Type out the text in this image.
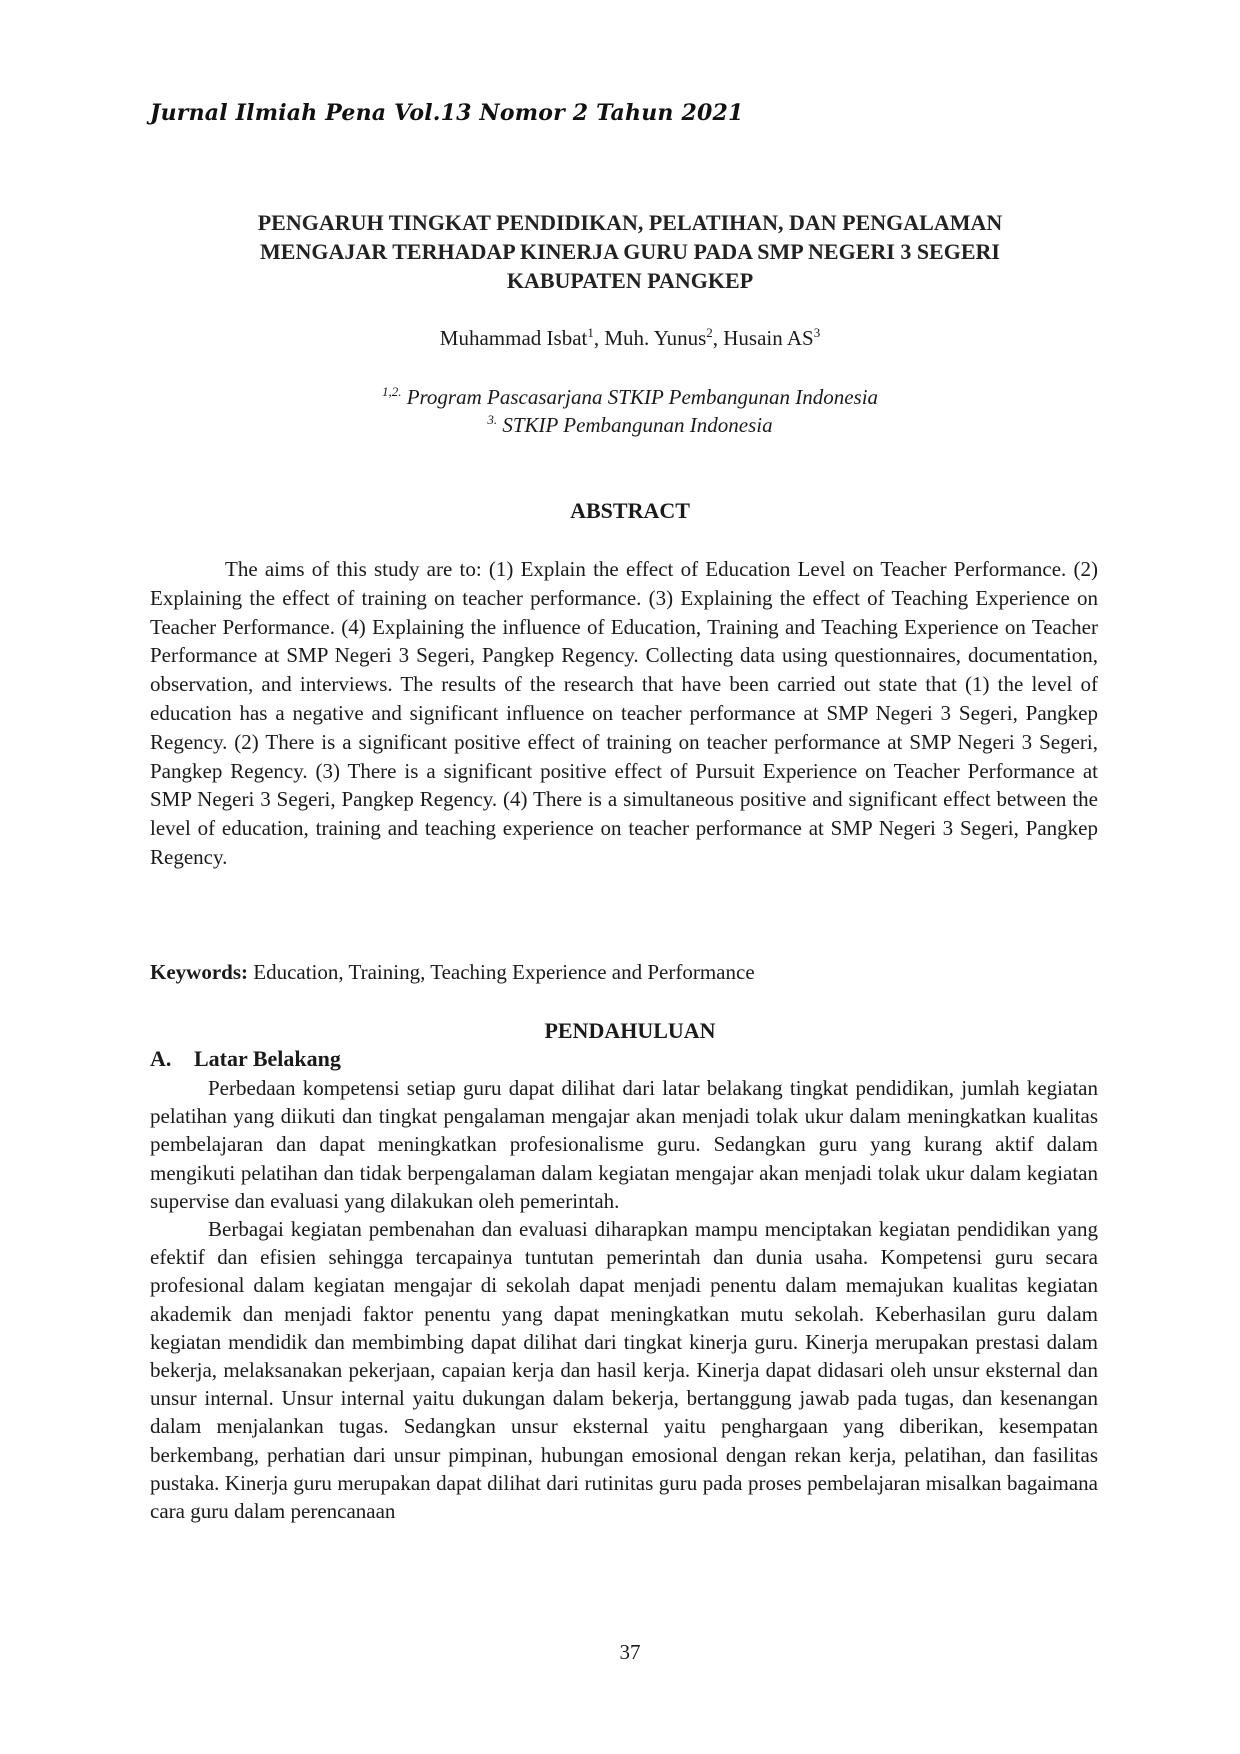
Jurnal Ilmiah Pena Vol.13 Nomor 2 Tahun 2021
PENGARUH TINGKAT PENDIDIKAN, PELATIHAN, DAN PENGALAMAN
MENGAJAR TERHADAP KINERJA GURU PADA SMP NEGERI 3 SEGERI
KABUPATEN PANGKEP
Muhammad Isbat$^1$, Muh. Yunus$^2$, Husain $AS^3$
$^{1,2.}$ Program Pascasarjana STKIP Pembangunan Indonesia
$^{3.}$ STKIP Pembangunan Indonesia
ABSTRACT
The aims of this study are to: (1) Explain the effect of Education Level on Teacher Performance. (2) Explaining the effect of training on teacher performance. (3) Explaining the effect of Teaching Experience on Teacher Performance. (4) Explaining the influence of Education, Training and Teaching Experience on Teacher Performance at SMP Negeri 3 Segeri, Pangkep Regency. Collecting data using questionnaires, documentation, observation, and interviews. The results of the research that have been carried out state that (1) the level of education has a negative and significant influence on teacher performance at SMP Negeri 3 Segeri, Pangkep Regency. (2) There is a significant positive effect of training on teacher performance at SMP Negeri 3 Segeri, Pangkep Regency. (3) There is a significant positive effect of Pursuit Experience on Teacher Performance at SMP Negeri 3 Segeri, Pangkep Regency. (4) There is a simultaneous positive and significant effect between the level of education, training and teaching experience on teacher performance at SMP Negeri 3 Segeri, Pangkep Regency.
Keywords: Education, Training, Teaching Experience and Performance
PENDAHULUAN
A. Latar Belakang

Perbedaan kompetensi setiap guru dapat dilihat dari latar belakang tingkat pendidikan, jumlah kegiatan pelatihan yang diikuti dan tingkat pengalaman mengajar akan menjadi tolak ukur dalam meningkatkan kualitas pembelajaran dan dapat meningkatkan profesionalisme guru. Sedangkan guru yang kurang aktif dalam mengikuti pelatihan dan tidak berpengalaman dalam kegiatan mengajar akan menjadi tolak ukur dalam kegiatan supervise dan evaluasi yang dilakukan oleh pemerintah.

Berbagai kegiatan pembenahan dan evaluasi diharapkan mampu menciptakan kegiatan pendidikan yang efektif dan efisien sehingga tercapainya tuntutan pemerintah dan dunia usaha. Kompetensi guru secara profesional dalam kegiatan mengajar di sekolah dapat menjadi penentu dalam memajukan kualitas kegiatan akademik dan menjadi faktor penentu yang dapat meningkatkan mutu sekolah. Keberhasilan guru dalam kegiatan mendidik dan membimbing dapat dilihat dari tingkat kinerja guru. Kinerja merupakan prestasi dalam bekerja, melaksanakan pekerjaan, capaian kerja dan hasil kerja. Kinerja dapat didasari oleh unsur eksternal dan unsur internal. Unsur internal yaitu dukungan dalam bekerja, bertanggung jawab pada tugas, dan kesenangan dalam menjalankan tugas. Sedangkan unsur eksternal yaitu penghargaan yang diberikan, kesempatan berkembang, perhatian dari unsur pimpinan, hubungan emosional dengan rekan kerja, pelatihan, dan fasilitas pustaka. Kinerja guru merupakan dapat dilihat dari rutinitas guru pada proses pembelajaran misalkan bagaimana cara guru dalam perencanaan

37
